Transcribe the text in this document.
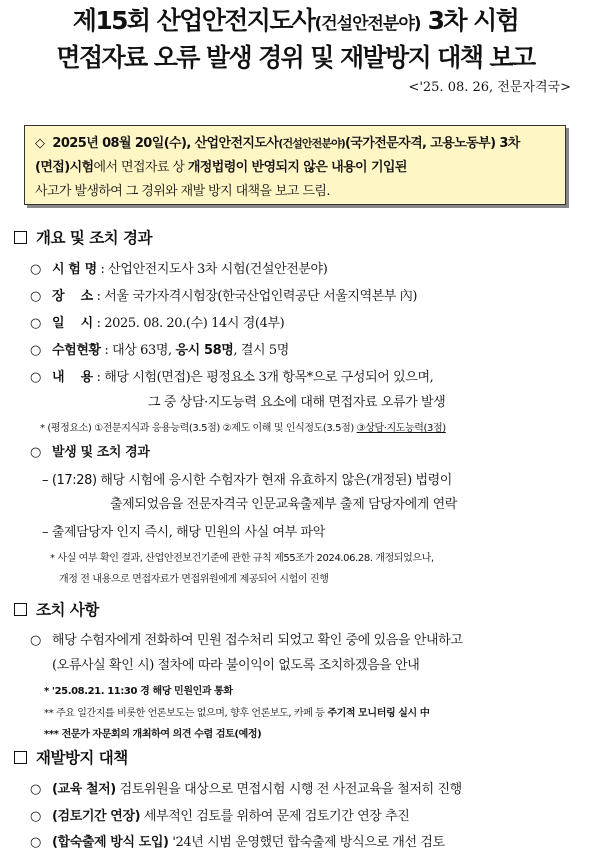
제15회 산업안전지도사(건설안전분야) 3차 시험
면접자료 오류 발생 경위 및 재발방지 대책 보고
<'25. 08. 26, 전문자격국>
◇ 2025년 08월 20일(수), 산업안전지도사(건설안전분야)(국가전문자격, 고용노동부) 3차
(면접)시험에서 면접자료 상 개정법령이 반영되지 않은 내용이 기입된
사고가 발생하여 그 경위와 재발 방지 대책을 보고 드림.
개요 및 조치 경과
○ 시 험 명 : 산업안전지도사 3차 시험(건설안전분야)
○ 장    소 : 서울 국가자격시험장(한국산업인력공단 서울지역본부 內)
○ 일    시 : 2025. 08. 20.(수) 14시 경(4부)
○ 수험현황 : 대상 63명, 응시 58명, 결시 5명
○ 내    용 : 해당 시험(면접)은 평정요소 3개 항목*으로 구성되어 있으며,
그 중 상담·지도능력 요소에 대해 면접자료 오류가 발생
* (평정요소) ①전문지식과 응용능력(3.5점) ②제도 이해 및 인식정도(3.5점) ③상담·지도능력(3점)
○ 발생 및 조치 경과
– (17:28) 해당 시험에 응시한 수험자가 현재 유효하지 않은(개정된) 법령이
출제되었음을 전문자격국 인문교육출제부 출제 담당자에게 연락
– 출제담당자 인지 즉시, 해당 민원의 사실 여부 파악
* 사실 여부 확인 결과, 산업안전보건기준에 관한 규칙 제55조가 2024.06.28. 개정되었으나,
개정 전 내용으로 면접자료가 면접위원에게 제공되어 시험이 진행
조치 사항
○ 해당 수험자에게 전화하여 민원 접수처리 되었고 확인 중에 있음을 안내하고
(오류사실 확인 시) 절차에 따라 불이익이 없도록 조치하겠음을 안내
* '25.08.21. 11:30 경 해당 민원인과 통화
** 주요 일간지를 비롯한 언론보도는 없으며, 향후 언론보도, 카페 등 주기적 모니터링 실시 中
*** 전문가 자문회의 개최하여 의견 수렴 검토(예정)
재발방지 대책
○ (교육 철저) 검토위원을 대상으로 면접시험 시행 전 사전교육을 철저히 진행
○ (검토기간 연장) 세부적인 검토를 위하여 문제 검토기간 연장 추진
○ (합숙출제 방식 도입) '24년 시범 운영했던 합숙출제 방식으로 개선 검토
